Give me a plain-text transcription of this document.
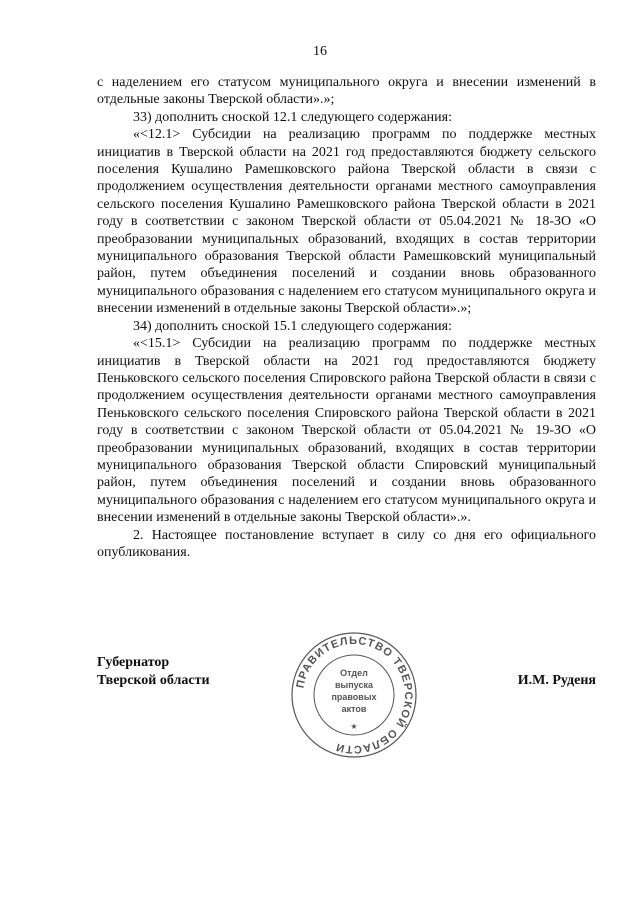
16

с наделением его статусом муниципального округа и внесении изменений в отдельные законы Тверской области».»;

33) дополнить сноской 12.1 следующего содержания:

«<12.1> Субсидии на реализацию программ по поддержке местных инициатив в Тверской области на 2021 год предоставляются бюджету сельского поселения Кушалино Рамешковского района Тверской области в связи с продолжением осуществления деятельности органами местного самоуправления сельского поселения Кушалино Рамешковского района Тверской области в 2021 году в соответствии с законом Тверской области от 05.04.2021 № 18-ЗО «О преобразовании муниципальных образований, входящих в состав территории муниципального образования Тверской области Рамешковский муниципальный район, путем объединения поселений и создании вновь образованного муниципального образования с наделением его статусом муниципального округа и внесении изменений в отдельные законы Тверской области».»;

34) дополнить сноской 15.1 следующего содержания:

«<15.1> Субсидии на реализацию программ по поддержке местных инициатив в Тверской области на 2021 год предоставляются бюджету Пеньковского сельского поселения Спировского района Тверской области в связи с продолжением осуществления деятельности органами местного самоуправления Пеньковского сельского поселения Спировского района Тверской области в 2021 году в соответствии с законом Тверской области от 05.04.2021 № 19-ЗО «О преобразовании муниципальных образований, входящих в состав территории муниципального образования Тверской области Спировский муниципальный район, путем объединения поселений и создании вновь образованного муниципального образования с наделением его статусом муниципального округа и внесении изменений в отдельные законы Тверской области».».

2. Настоящее постановление вступает в силу со дня его официального опубликования.

Губернатор
Тверской области	ПРАВИТЕЛЬСТВО ТВЕРСКОЙ ОБЛАСТИ
Отдел
выпуска
правовых
актов
★
И.М. Руденя
